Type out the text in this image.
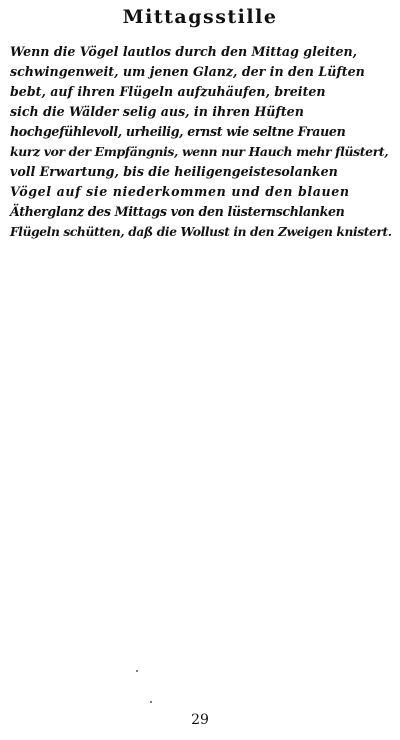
Mittagsstille
Wenn die Vögel lautlos durch den Mittag gleiten,
schwingenweit, um jenen Glanz, der in den Lüften
bebt, auf ihren Flügeln aufzuhäufen, breiten
sich die Wälder selig aus, in ihren Hüften
hochgefühlevoll, urheilig, ernst wie seltne Frauen
kurz vor der Empfängnis, wenn nur Hauch mehr flüstert,
voll Erwartung, bis die heiligengeistesolanken
Vögel auf sie niederkommen und den blauen
Ätherglanz des Mittags von den lüsternschlanken
Flügeln schütten, daß die Wollust in den Zweigen knistert.
29
